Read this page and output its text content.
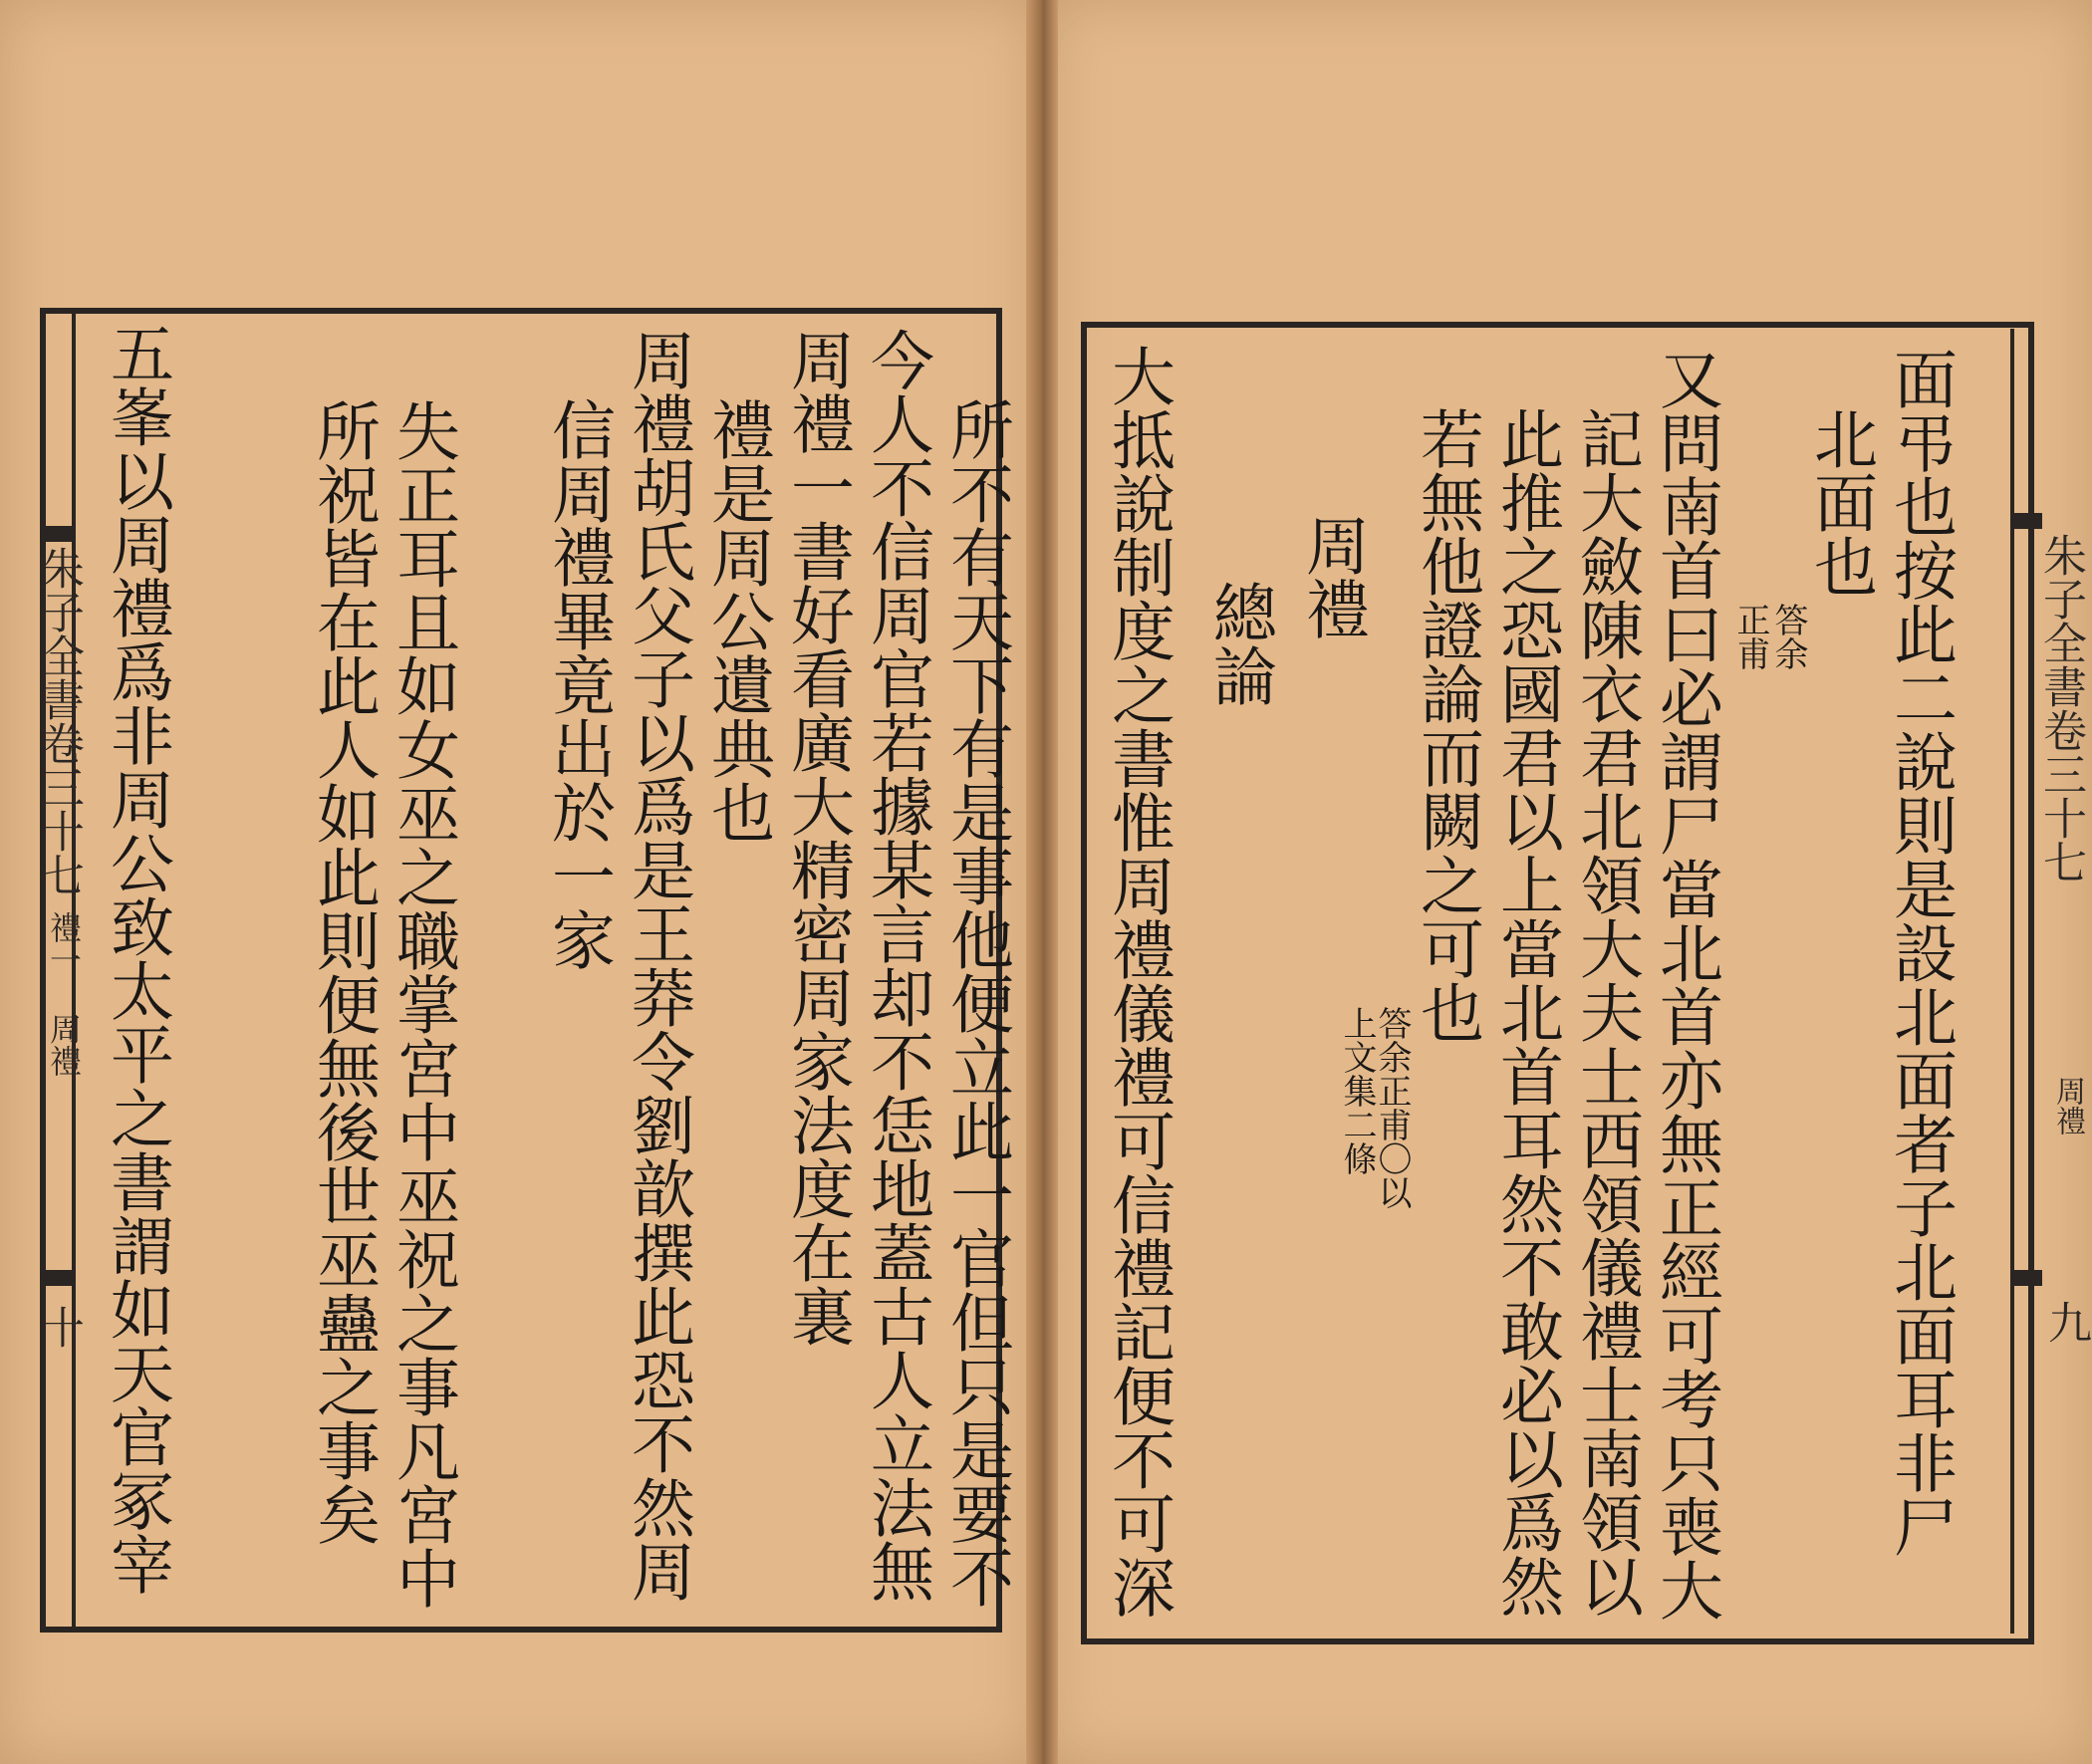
信周禮畢竟出於一家 周禮胡氏父子以爲是王莽令劉歆撰此恐不然周 禮是周公遺典也 周禮一書好看廣大精密周家法度在裏 今人不信周官若據某言却不恁地蓋古人立法無 所不有天下有是事他便立此一官但只是要不
失正耳且如女巫之職掌宮中巫祝之事凡宮中
所祝皆在此人如此則便無後世巫蠱之事矣
五峯以周禮爲非周公致太平之書謂如天官冢宰
朱子全書卷三十七
禮一 周禮
十	面弔也按此二說則是設北面者子北面耳非尸
北面也
答余
正甫
又問南首曰必謂尸當北首亦無正經可考只喪大
記大斂陳衣君北領大夫士西領儀禮士南領以
此推之恐國君以上當北首耳然不敢必以爲然
若無他證論而闕之可也
答余正甫〇以
上文集二條
周禮
總論
大抵說制度之書惟周禮儀禮可信禮記便不可深	朱子全書卷三十七
周禮
九
